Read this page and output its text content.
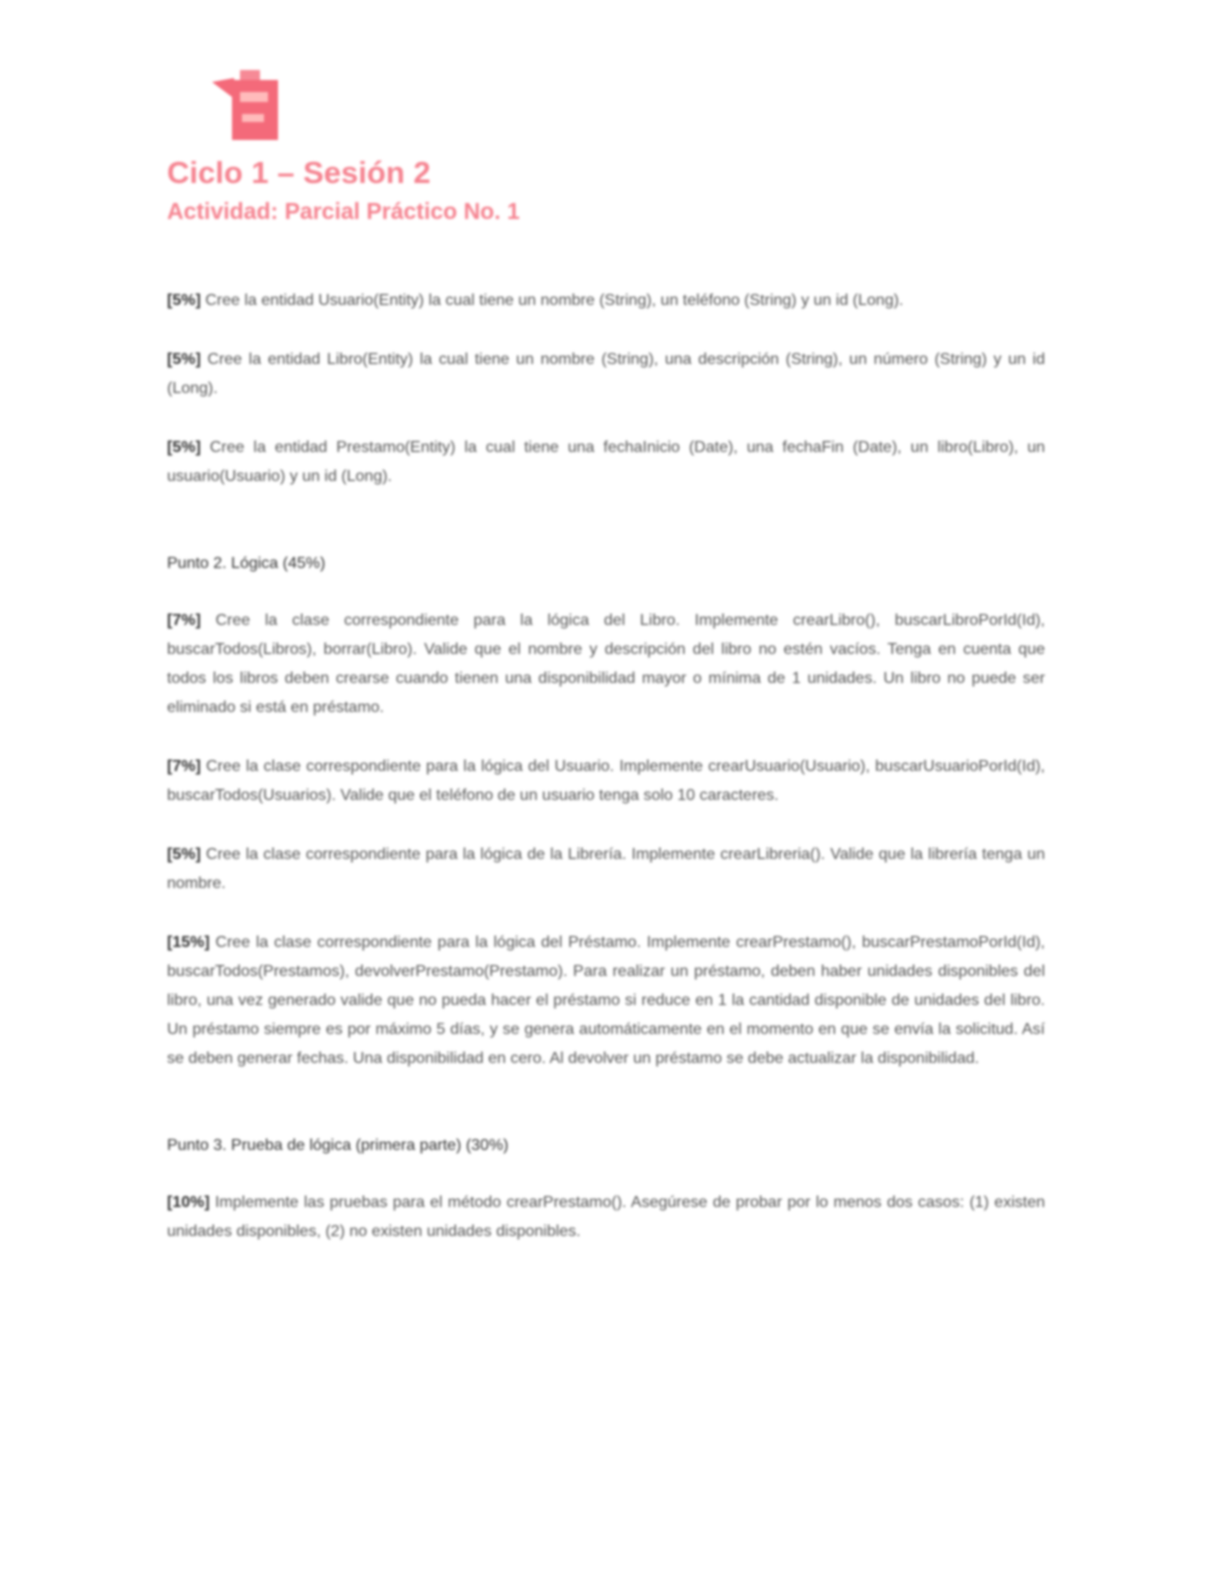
Ciclo 1 – Sesión 2
Actividad: Parcial Práctico No. 1

[5%] Cree la entidad Usuario(Entity) la cual tiene un nombre (String), un teléfono (String) y un id (Long).

[5%] Cree la entidad Libro(Entity) la cual tiene un nombre (String), una descripción (String), un número (String) y un id (Long).

[5%] Cree la entidad Prestamo(Entity) la cual tiene una fechaInicio (Date), una fechaFin (Date), un libro(Libro), un usuario(Usuario) y un id (Long).

Punto 2. Lógica (45%)

[7%] Cree la clase correspondiente para la lógica del Libro. Implemente crearLibro(), buscarLibroPorId(Id), buscarTodos(Libros), borrar(Libro). Valide que el nombre y descripción del libro no estén vacíos. Tenga en cuenta que todos los libros deben crearse cuando tienen una disponibilidad mayor o mínima de 1 unidades. Un libro no puede ser eliminado si está en préstamo.

[7%] Cree la clase correspondiente para la lógica del Usuario. Implemente crearUsuario(Usuario), buscarUsuarioPorId(Id), buscarTodos(Usuarios). Valide que el teléfono de un usuario tenga solo 10 caracteres.

[5%] Cree la clase correspondiente para la lógica de la Librería. Implemente crearLibreria(). Valide que la librería tenga un nombre.

[15%] Cree la clase correspondiente para la lógica del Préstamo. Implemente crearPrestamo(), buscarPrestamoPorId(Id), buscarTodos(Prestamos), devolverPrestamo(Prestamo). Para realizar un préstamo, deben haber unidades disponibles del libro, una vez generado valide que no pueda hacer el préstamo si reduce en 1 la cantidad disponible de unidades del libro. Un préstamo siempre es por máximo 5 días, y se genera automáticamente en el momento en que se envía la solicitud. Así se deben generar fechas. Una disponibilidad en cero. Al devolver un préstamo se debe actualizar la disponibilidad.

Punto 3. Prueba de lógica (primera parte) (30%)

[10%] Implemente las pruebas para el método crearPrestamo(). Asegúrese de probar por lo menos dos casos: (1) existen unidades disponibles, (2) no existen unidades disponibles.
